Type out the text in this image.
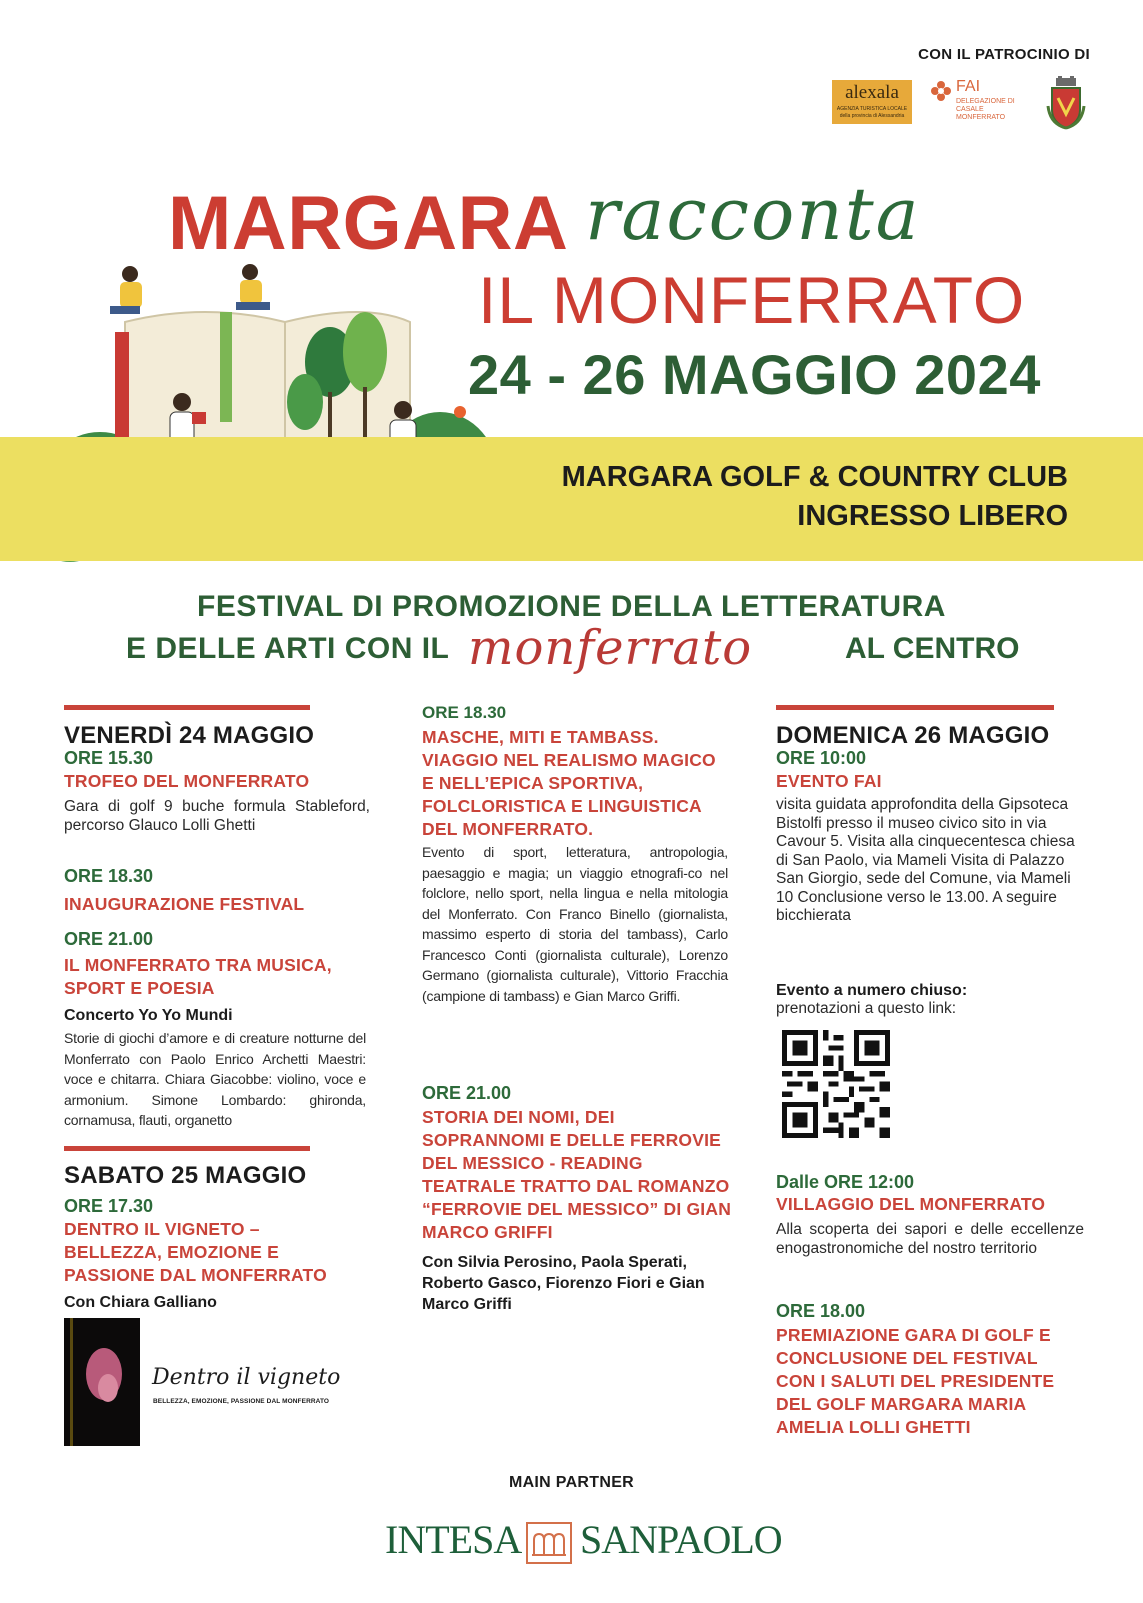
CON IL PATROCINIO DI
alexala
AGENZIA TURISTICA LOCALE della provincia di Alessandria
FAI
DELEGAZIONE DI CASALE MONFERRATO
MARGARA racconta
IL MONFERRATO
24 - 26 MAGGIO 2024
MARGARA GOLF & COUNTRY CLUB
INGRESSO LIBERO
FESTIVAL DI PROMOZIONE DELLA LETTERATURA
E DELLE ARTI CON IL monferrato	AL CENTRO
VENERDÌ 24 MAGGIO
ORE 15.30
TROFEO DEL MONFERRATO
Gara di golf 9 buche formula Stableford, percorso Glauco Lolli Ghetti
ORE 18.30
INAUGURAZIONE FESTIVAL
ORE 21.00
IL MONFERRATO TRA MUSICA, SPORT E POESIA
Concerto Yo Yo Mundi
Storie di giochi d’amore e di creature notturne del Monferrato con Paolo Enrico Archetti Maestri: voce e chitarra. Chiara Giacobbe: violino, voce e armonium. Simone Lombardo: ghironda, cornamusa, flauti, organetto
SABATO 25 MAGGIO
ORE 17.30
DENTRO IL VIGNETO – BELLEZZA, EMOZIONE E PASSIONE DAL MONFERRATO
Con Chiara Galliano
Dentro il vigneto
BELLEZZA, EMOZIONE, PASSIONE DAL MONFERRATO
ORE 18.30
MASCHE, MITI E TAMBASS. VIAGGIO NEL REALISMO MAGICO E NELL’EPICA SPORTIVA, FOLCLORISTICA E LINGUISTICA DEL MONFERRATO.
Evento di sport, letteratura, antropologia, paesaggio e magia; un viaggio etnografi-co nel folclore, nello sport, nella lingua e nella mitologia del Monferrato. Con Franco Binello (giornalista, massimo esperto di storia del tambass), Carlo Francesco Conti (giornalista culturale), Lorenzo Germano (giornalista culturale), Vittorio Fracchia (campione di tambass) e Gian Marco Griffi.
ORE 21.00
STORIA DEI NOMI, DEI SOPRANNOMI E DELLE FERROVIE DEL MESSICO - READING TEATRALE TRATTO DAL ROMANZO “FERROVIE DEL MESSICO” DI GIAN MARCO GRIFFI
Con Silvia Perosino, Paola Sperati, Roberto Gasco, Fiorenzo Fiori e Gian Marco Griffi
DOMENICA 26 MAGGIO
ORE 10:00
EVENTO FAI
visita guidata approfondita della Gipsoteca Bistolfi presso il museo civico sito in via Cavour 5. Visita alla cinquecentesca chiesa di San Paolo, via Mameli Visita di Palazzo San Giorgio, sede del Comune, via Mameli 10 Conclusione verso le 13.00. A seguire bicchierata
Evento a numero chiuso:
prenotazioni a questo link:
Dalle ORE 12:00
VILLAGGIO DEL MONFERRATO
Alla scoperta dei sapori e delle eccellenze enogastronomiche del nostro territorio
ORE 18.00
PREMIAZIONE GARA DI GOLF E CONCLUSIONE DEL FESTIVAL CON I SALUTI DEL PRESIDENTE DEL GOLF MARGARA MARIA AMELIA LOLLI GHETTI
MAIN PARTNER
INTESA SANPAOLO
